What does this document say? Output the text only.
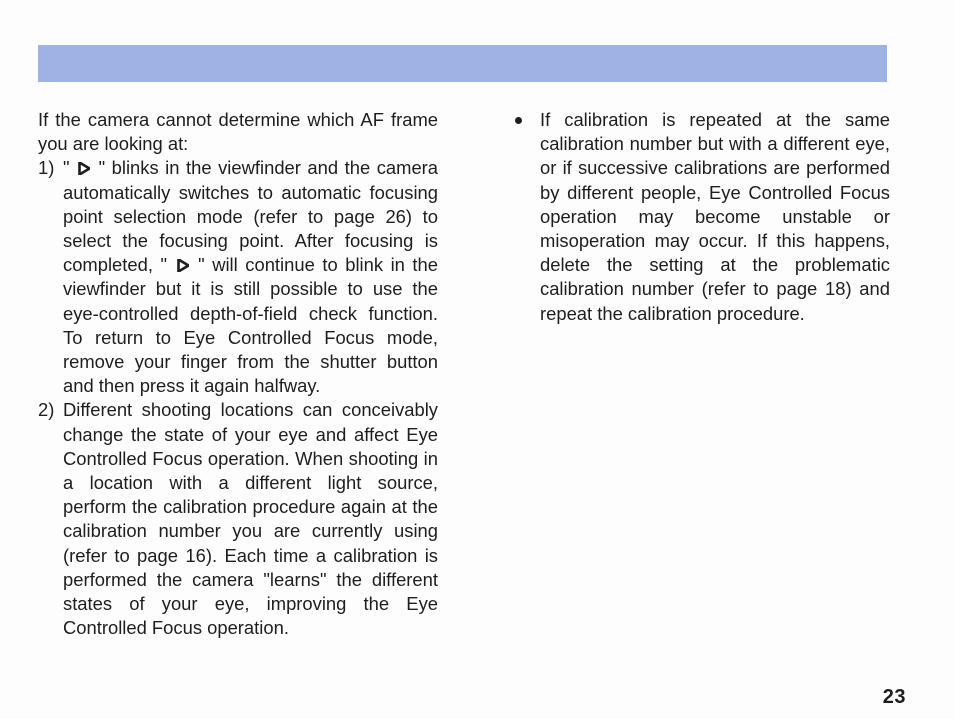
If the camera cannot determine which AF frame you are looking at:

1) "  " blinks in the viewfinder and the camera automatically switches to automatic focusing point selection mode (refer to page 26) to select the focusing point. After focusing is completed, "  " will continue to blink in the viewfinder but it is still possible to use the eye-controlled depth-of-field check function. To return to Eye Controlled Focus mode, remove your finger from the shutter button and then press it again halfway.
2) Different shooting locations can conceivably change the state of your eye and affect Eye Controlled Focus operation. When shooting in a location with a different light source, perform the calibration procedure again at the calibration number you are currently using (refer to page 16). Each time a calibration is performed the camera "learns" the different states of your eye, improving the Eye Controlled Focus operation.
If calibration is repeated at the same calibration number but with a different eye, or if successive calibrations are performed by different people, Eye Controlled Focus operation may become unstable or misoperation may occur. If this happens, delete the setting at the problematic calibration number (refer to page 18) and repeat the calibration procedure.
23
